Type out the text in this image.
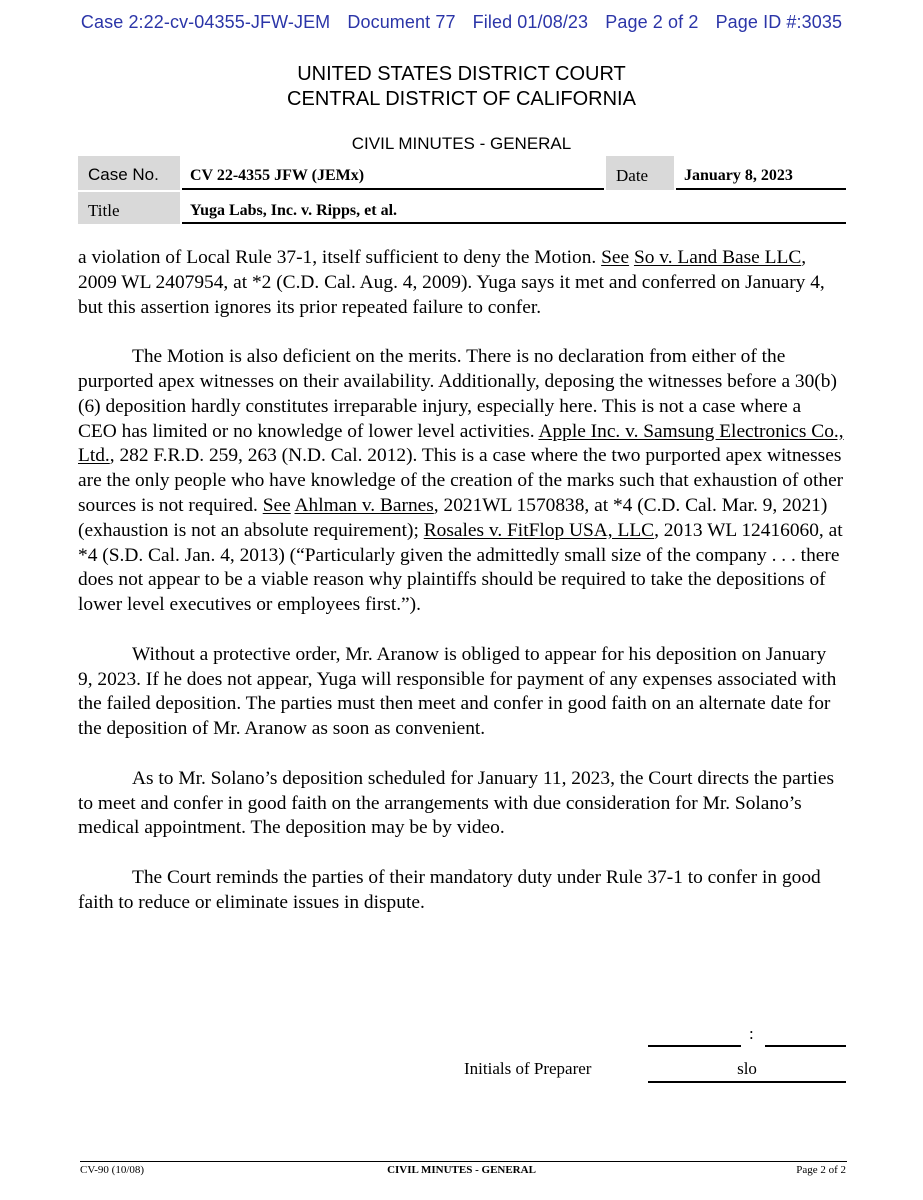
Case 2:22-cv-04355-JFW-JEM Document 77 Filed 01/08/23 Page 2 of 2 Page ID #:3035
UNITED STATES DISTRICT COURT
CENTRAL DISTRICT OF CALIFORNIA
CIVIL MINUTES - GENERAL
Case No. CV 22-4355 JFW (JEMx)	Date January 8, 2023
Title	Yuga Labs, Inc. v. Ripps, et al.

a violation of Local Rule 37-1, itself sufficient to deny the Motion. See So v. Land Base LLC, 2009 WL 2407954, at *2 (C.D. Cal. Aug. 4, 2009). Yuga says it met and conferred on January 4, but this assertion ignores its prior repeated failure to confer.

The Motion is also deficient on the merits. There is no declaration from either of the purported apex witnesses on their availability. Additionally, deposing the witnesses before a 30(b)(6) deposition hardly constitutes irreparable injury, especially here. This is not a case where a CEO has limited or no knowledge of lower level activities. Apple Inc. v. Samsung Electronics Co., Ltd., 282 F.R.D. 259, 263 (N.D. Cal. 2012). This is a case where the two purported apex witnesses are the only people who have knowledge of the creation of the marks such that exhaustion of other sources is not required. See Ahlman v. Barnes, 2021WL 1570838, at *4 (C.D. Cal. Mar. 9, 2021) (exhaustion is not an absolute requirement); Rosales v. FitFlop USA, LLC, 2013 WL 12416060, at *4 (S.D. Cal. Jan. 4, 2013) (“Particularly given the admittedly small size of the company . . . there does not appear to be a viable reason why plaintiffs should be required to take the depositions of lower level executives or employees first.”).

Without a protective order, Mr. Aranow is obliged to appear for his deposition on January 9, 2023. If he does not appear, Yuga will responsible for payment of any expenses associated with the failed deposition. The parties must then meet and confer in good faith on an alternate date for the deposition of Mr. Aranow as soon as convenient.

As to Mr. Solano’s deposition scheduled for January 11, 2023, the Court directs the parties to meet and confer in good faith on the arrangements with due consideration for Mr. Solano’s medical appointment. The deposition may be by video.

The Court reminds the parties of their mandatory duty under Rule 37-1 to confer in good faith to reduce or eliminate issues in dispute.

:
Initials of Preparer	slo
CV-90 (10/08)	CIVIL MINUTES - GENERAL	Page 2 of 2
